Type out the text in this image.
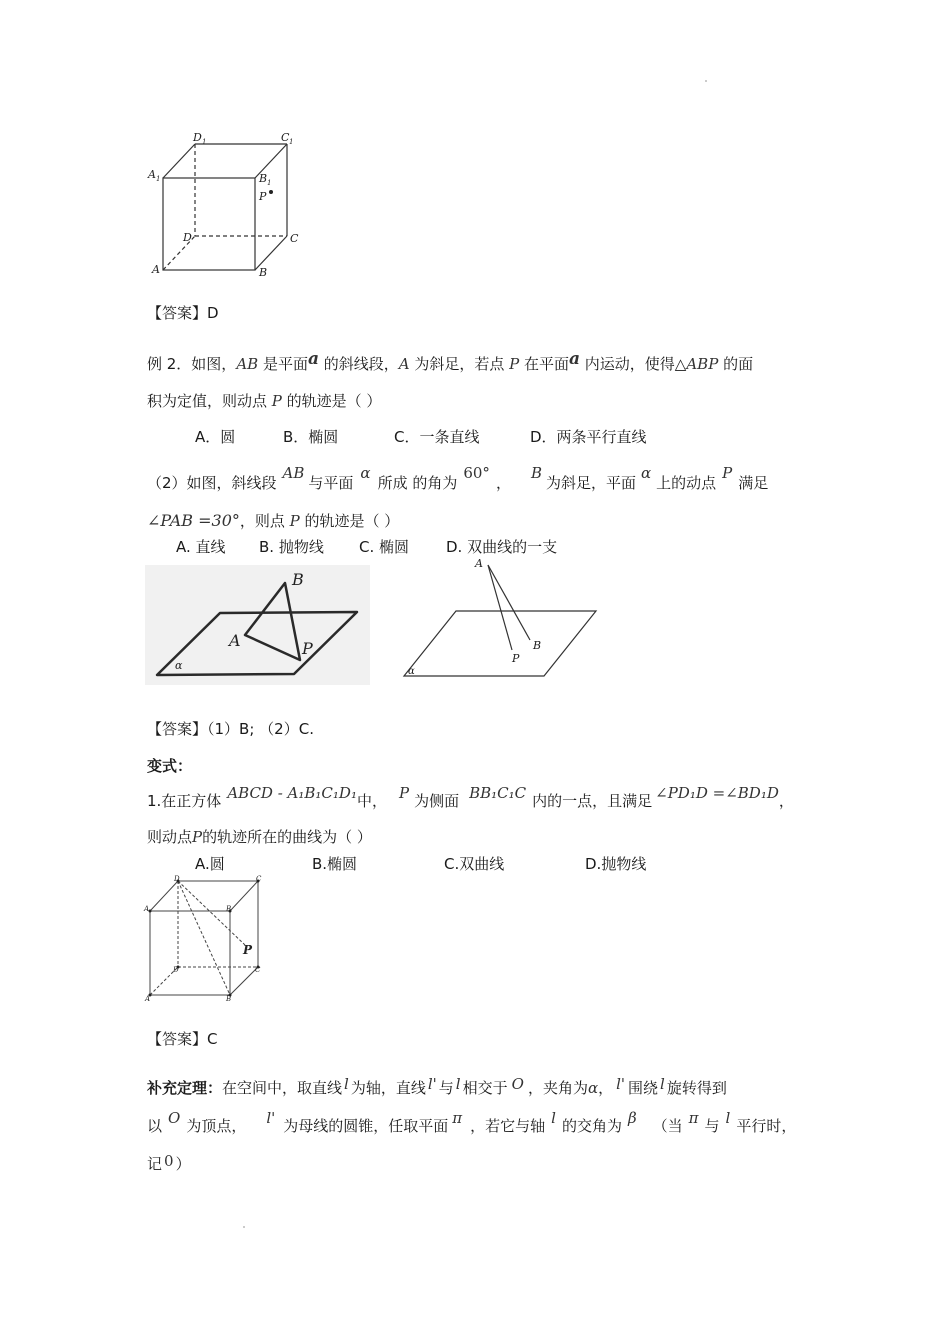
D 1	C 1
A 1	B 1
P
D	C
A	B
【答案】D
例 2．如图，AB 是平面a 的斜线段，A 为斜足，若点 P 在平面a 内运动，使得△ABP 的面
积为定值，则动点 P 的轨迹是（ ）
A．圆	B．椭圆	C．一条直线	D．两条平行直线
（2）如图，斜线段AB与平面α所成 的角为60°，B为斜足，平面α上的动点P满足
∠PAB =30°，则点 P 的轨迹是（ ）
A. 直线 B. 抛物线 C. 椭圆 D. 双曲线的一支
B
A	P
α
A
B
P
α
【答案】（1）B; （2）C.
变式：
1.在正方体 ABCD - A₁B₁C₁D₁中， P 为侧面 BB₁C₁C 内的一点，且满足 ∠PD₁D =∠BD₁D，
则动点P的轨迹所在的曲线为（ ）
A.圆	B.椭圆	C.双曲线	D.抛物线
D	C
A	B
P
D	C
A	B
【答案】C
补充定理：在空间中，取直线 l 为轴，直线 l' 与 l 相交于 O ，夹角为α， l' 围绕 l 旋转得到
以 O 为顶点， l' 为母线的圆锥，任取平面 π ，若它与轴 l 的交角为 β （当 π 与 l 平行时，
记 0 ）
